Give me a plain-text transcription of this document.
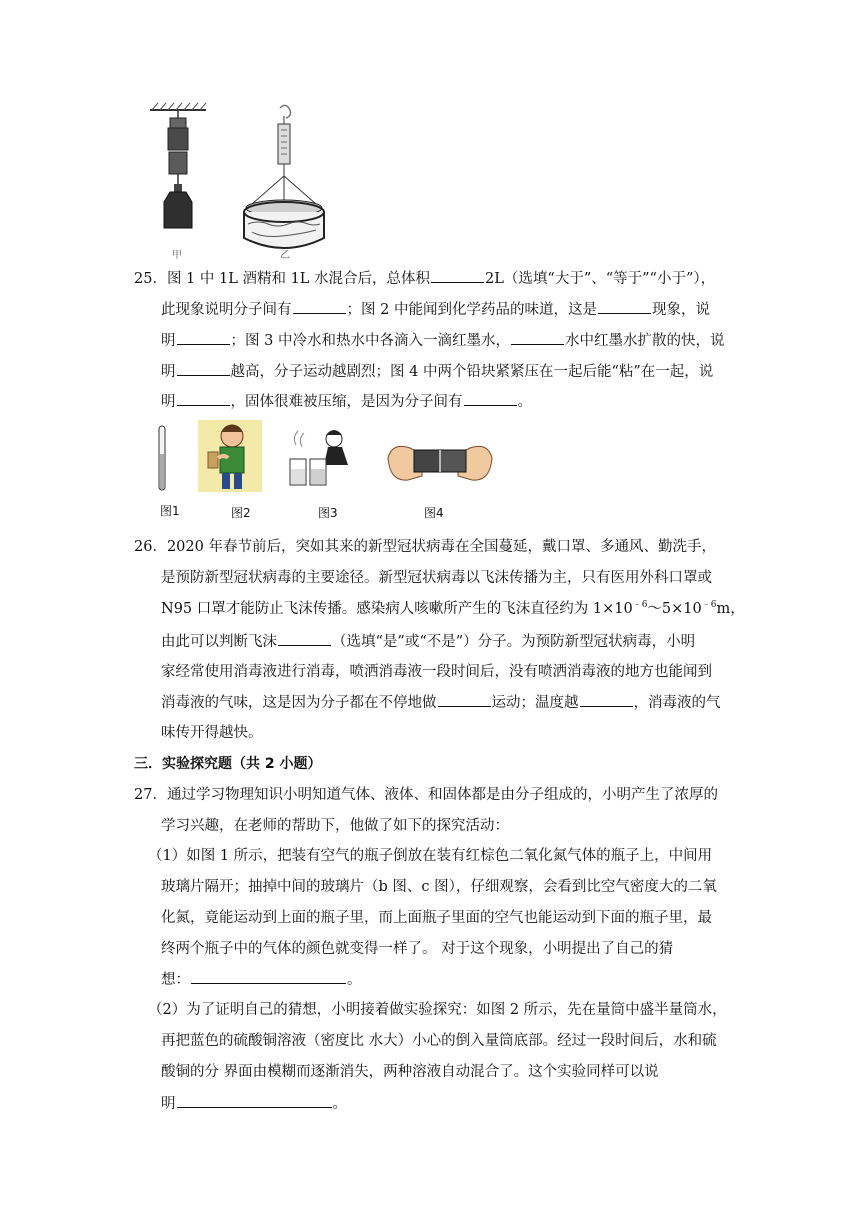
甲	乙
25．图 1 中 1L 酒精和 1L 水混合后，总体积	2L（选填“大于”、“等于”“小于”），
此现象说明分子间有	；图 2 中能闻到化学药品的味道，这是	现象，说
明	；图 3 中冷水和热水中各滴入一滴红墨水，	水中红墨水扩散的快，说
明	越高，分子运动越剧烈；图 4 中两个铅块紧紧压在一起后能“粘”在一起，说
明	，固体很难被压缩，是因为分子间有	。
图1	图2	图3	图4
26．2020 年春节前后，突如其来的新型冠状病毒在全国蔓延，戴口罩、多通风、勤洗手，
是预防新型冠状病毒的主要途径。新型冠状病毒以飞沫传播为主，只有医用外科口罩或
N95 口罩才能防止飞沫传播。感染病人咳嗽所产生的飞沫直径约为 $1\times 10^{﹣6}\sim 5\times 10^{﹣6}m$，
由此可以判断飞沫	（选填“是”或“不是”）分子。为预防新型冠状病毒，小明
家经常使用消毒液进行消毒，喷洒消毒液一段时间后，没有喷洒消毒液的地方也能闻到
消毒液的气味，这是因为分子都在不停地做	运动；温度越	，消毒液的气
味传开得越快。
三．实验探究题（共 2 小题）
27．通过学习物理知识小明知道气体、液体、和固体都是由分子组成的，小明产生了浓厚的
学习兴趣，在老师的帮助下，他做了如下的探究活动：
（1）如图 1 所示，把装有空气的瓶子倒放在装有红棕色二氧化氮气体的瓶子上，中间用
玻璃片隔开；抽掉中间的玻璃片（b 图、c 图），仔细观察，会看到比空气密度大的二氧
化氮，竟能运动到上面的瓶子里，而上面瓶子里面的空气也能运动到下面的瓶子里，最
终两个瓶子中的气体的颜色就变得一样了。 对于这个现象，小明提出了自己的猜
想：	。
（2）为了证明自己的猜想，小明接着做实验探究：如图 2 所示，先在量筒中盛半量筒水，
再把蓝色的硫酸铜溶液（密度比 水大）小心的倒入量筒底部。经过一段时间后，水和硫
酸铜的分 界面由模糊而逐渐消失，两种溶液自动混合了。这个实验同样可以说
明	。
